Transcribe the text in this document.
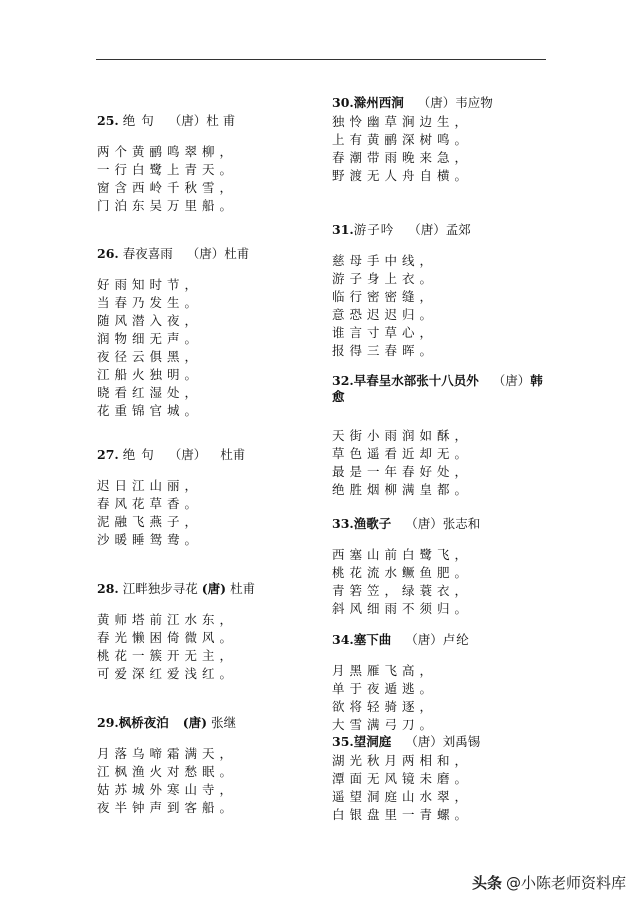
25. 绝 句 （唐）杜 甫

两个黄鹂鸣翠柳，
一行白鹭上青天。
窗含西岭千秋雪，
门泊东吴万里船。

26. 春夜喜雨 （唐）杜甫

好雨知时节，
当春乃发生。
随风潜入夜，
润物细无声。
夜径云俱黑，
江船火独明。
晓看红湿处，
花重锦官城。

27. 绝 句 （唐） 杜甫

迟日江山丽，
春风花草香。
泥融飞燕子，
沙暖睡鸳鸯。

28. 江畔独步寻花 (唐) 杜甫

黄师塔前江水东，
春光懒困倚微风。
桃花一簇开无主，
可爱深红爱浅红。

29.枫桥夜泊 (唐) 张继

月落乌啼霜满天，
江枫渔火对愁眠。
姑苏城外寒山寺，
夜半钟声到客船。

30.滁州西涧 （唐）韦应物

独怜幽草涧边生，
上有黄鹂深树鸣。
春潮带雨晚来急，
野渡无人舟自横。

31.游子吟 （唐）孟郊

慈母手中线，
游子身上衣。
临行密密缝，
意恐迟迟归。
谁言寸草心，
报得三春晖。

32.早春呈水部张十八员外 （唐）韩愈

天街小雨润如酥，
草色遥看近却无。
最是一年春好处，
绝胜烟柳满皇都。

33.渔歌子 （唐）张志和

西塞山前白鹭飞，
桃花流水鳜鱼肥。
青箬笠，绿蓑衣，
斜风细雨不须归。

34.塞下曲 （唐）卢纶

月黑雁飞高，
单于夜遁逃。
欲将轻骑逐，
大雪满弓刀。

35.望洞庭 （唐）刘禹锡

湖光秋月两相和，
潭面无风镜未磨。
遥望洞庭山水翠，
白银盘里一青螺。
头条 @小陈老师资料库
